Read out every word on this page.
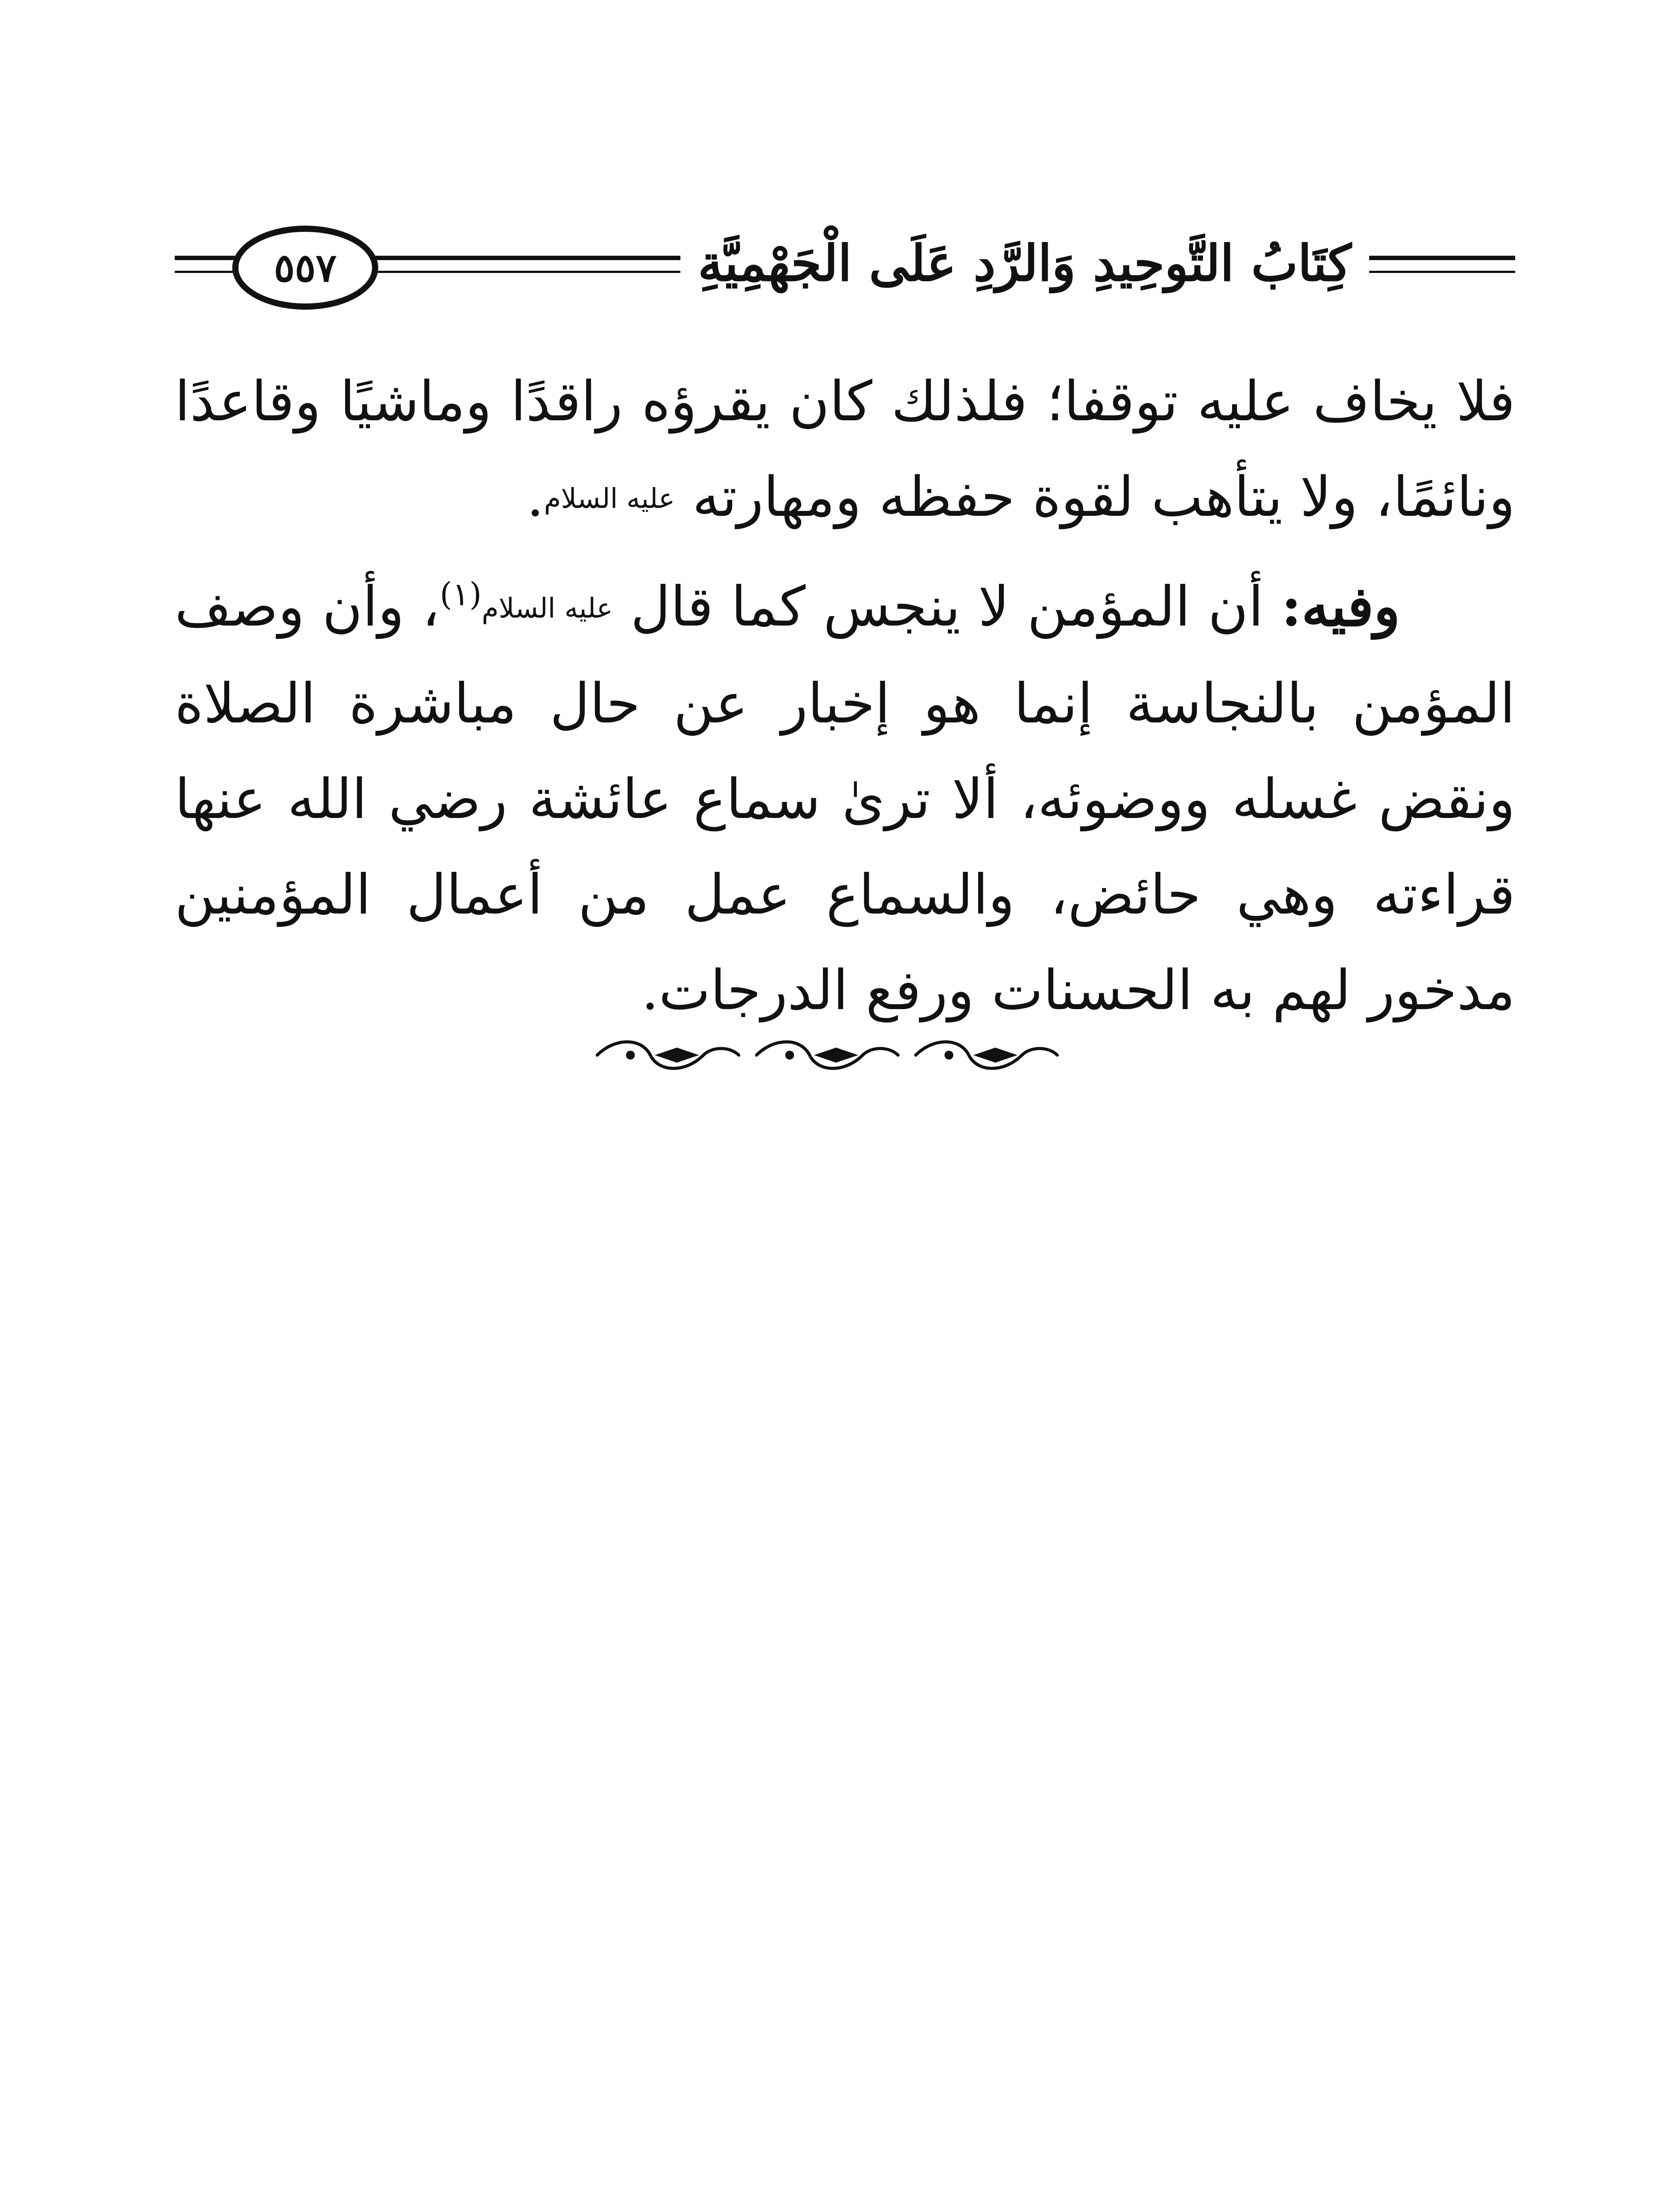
كِتَابُ التَّوحِيدِ وَالرَّدِ عَلَى الْجَهْمِيَّةِ
٥٥٧

فلا يخاف عليه توقفا؛ فلذلك كان يقرؤه راقدًا وماشيًا وقاعدًا ونائمًا، ولا يتأهب لقوة حفظه ومهارته عليه السلام.

وفيه: أن المؤمن لا ينجس كما قال عليه السلام$^{(١)}$، وأن وصف المؤمن بالنجاسة إنما هو إخبار عن حال مباشرة الصلاة ونقض غسله ووضوئه، ألا ترىٰ سماع عائشة رضي الله عنها قراءته وهي حائض، والسماع عمل من أعمال المؤمنين مدخور لهم به الحسنات ورفع الدرجات.
